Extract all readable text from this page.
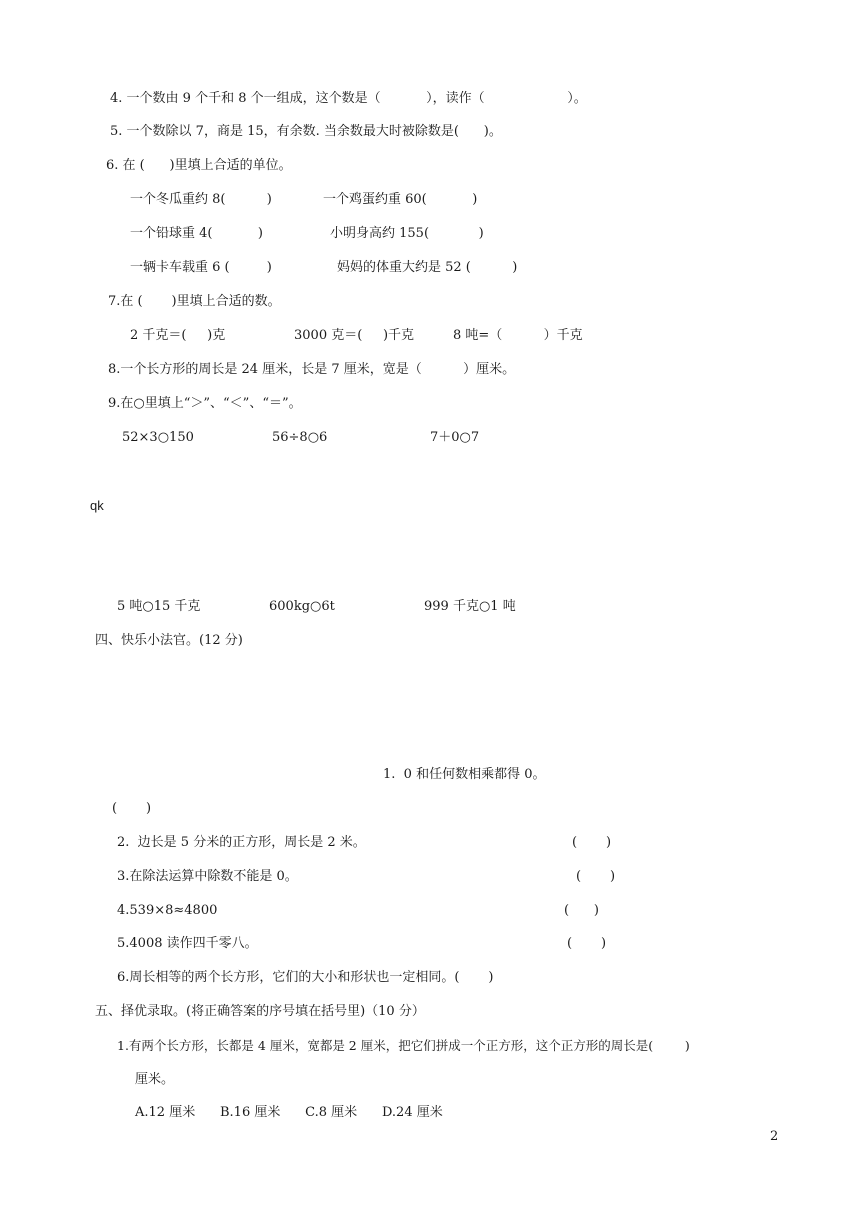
4. 一个数由 9 个千和 8 个一组成，这个数是（           ），读作（                    ）。
5. 一个数除以 7，商是 15，有余数. 当余数最大时被除数是(      )。
6. 在 (      )里填上合适的单位。
一个冬瓜重约 8(          )	一个鸡蛋约重 60(           )
一个铅球重 4(           )	小明身高约 155(            )
一辆卡车载重 6 (         )	妈妈的体重大约是 52 (          )
7.在 (       )里填上合适的数。
2 千克＝(     )克	3000 克＝(     )千克	8 吨=（          ）千克
8.一个长方形的周长是 24 厘米，长是 7 厘米，宽是（          ）厘米。
9.在○里填上“＞”、“＜”、“＝”。
52×3○150	56÷8○6	7＋0○7
qk
5 吨○15 千克	600kg○6t	999 千克○1 吨
四、快乐小法官。(12 分)
1.  0 和任何数相乘都得 0。
(       )
2.  边长是 5 分米的正方形，周长是 2 米。	(       )
3.在除法运算中除数不能是 0。	(       )
4.539×8≈4800	(      )
5.4008 读作四千零八。	(       )
6.周长相等的两个长方形，它们的大小和形状也一定相同。(       )
五、择优录取。(将正确答案的序号填在括号里)（10 分）
1.有两个长方形，长都是 4 厘米，宽都是 2 厘米，把它们拼成一个正方形，这个正方形的周长是(        )
厘米。
A.12 厘米      B.16 厘米      C.8 厘米      D.24 厘米
2
